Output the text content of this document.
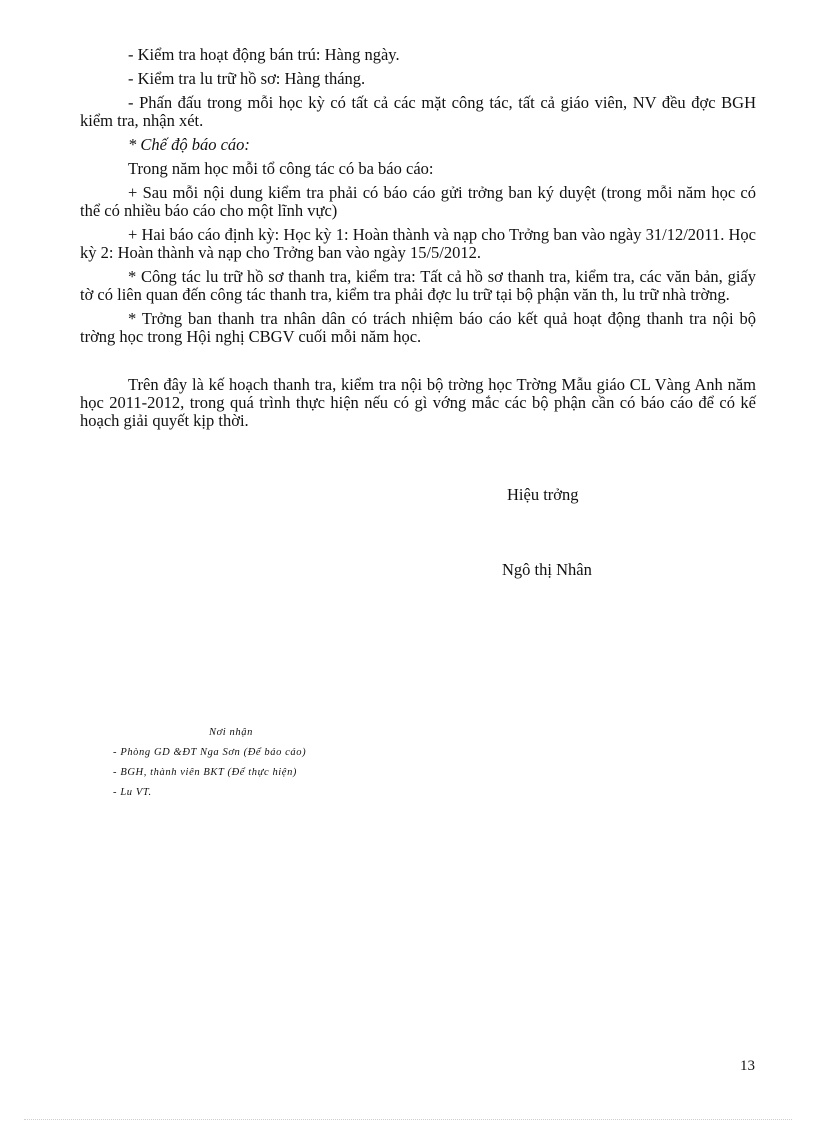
- Kiểm tra hoạt động bán trú: Hàng ngày.

- Kiểm tra lu trữ hồ sơ: Hàng tháng.

- Phấn đấu trong mỗi học kỳ có tất cả các mặt công tác, tất cả giáo viên, NV đều đợc BGH kiểm tra, nhận xét.

* Chế độ báo cáo:

Trong năm học mỗi tổ công tác có ba báo cáo:

+ Sau mỗi nội dung kiểm tra phải có báo cáo gửi trởng ban ký duyệt (trong mỗi năm học có thể có nhiều báo cáo cho một lĩnh vực)

+ Hai báo cáo định kỳ: Học kỳ 1: Hoàn thành và nạp cho Trởng ban vào ngày 31/12/2011. Học kỳ 2: Hoàn thành và nạp cho Trởng ban vào ngày 15/5/2012.

* Công tác lu trữ hồ sơ thanh tra, kiểm tra: Tất cả hồ sơ thanh tra, kiểm tra, các văn bản, giấy tờ có liên quan đến công tác thanh tra, kiểm tra phải đợc lu trữ tại bộ phận văn th, lu trữ nhà trờng.

* Trởng ban thanh tra nhân dân có trách nhiệm báo cáo kết quả hoạt động thanh tra nội bộ trờng học trong Hội nghị CBGV cuối mỗi năm học.

Trên đây là kế hoạch thanh tra, kiểm tra nội bộ trờng học Trờng Mẫu giáo CL Vàng Anh năm học 2011-2012, trong quá trình thực hiện nếu có gì vớng mắc các bộ phận cần có báo cáo để có kế hoạch giải quyết kịp thời.

Hiệu trởng
Ngô thị Nhân
Nơi nhận
- Phòng GD &ĐT Nga Sơn (Để báo cáo)
- BGH, thành viên BKT (Để thực hiện)
- Lu VT.
13
